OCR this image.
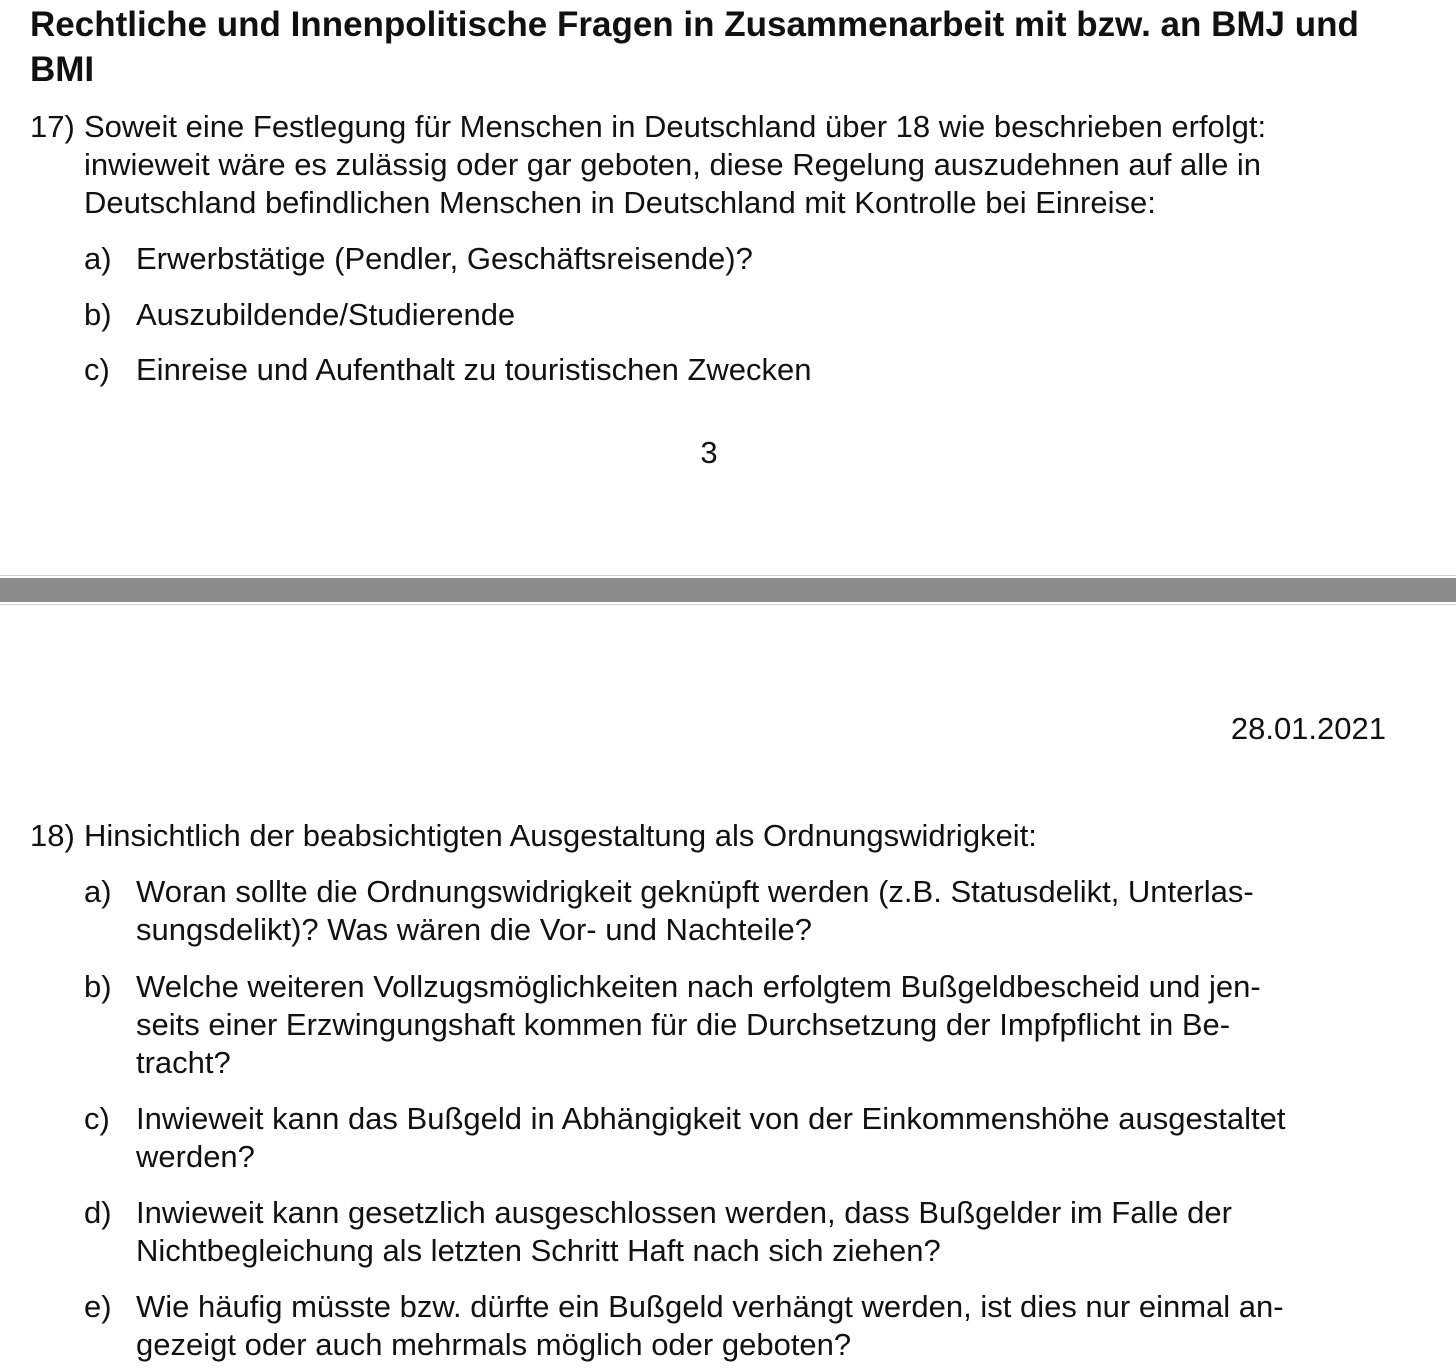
Rechtliche und Innenpolitische Fragen in Zusammenarbeit mit bzw. an BMJ und BMI
17) Soweit eine Festlegung für Menschen in Deutschland über 18 wie beschrieben erfolgt:
inwieweit wäre es zulässig oder gar geboten, diese Regelung auszudehnen auf alle in
Deutschland befindlichen Menschen in Deutschland mit Kontrolle bei Einreise:
a) Erwerbstätige (Pendler, Geschäftsreisende)?
b) Auszubildende/Studierende
c) Einreise und Aufenthalt zu touristischen Zwecken
3
28.01.2021
18) Hinsichtlich der beabsichtigten Ausgestaltung als Ordnungswidrigkeit:
a) Woran sollte die Ordnungswidrigkeit geknüpft werden (z.B. Statusdelikt, Unterlas-
sungsdelikt)? Was wären die Vor- und Nachteile?
b) Welche weiteren Vollzugsmöglichkeiten nach erfolgtem Bußgeldbescheid und jen-
seits einer Erzwingungshaft kommen für die Durchsetzung der Impfpflicht in Be-
tracht?
c) Inwieweit kann das Bußgeld in Abhängigkeit von der Einkommenshöhe ausgestaltet
werden?
d) Inwieweit kann gesetzlich ausgeschlossen werden, dass Bußgelder im Falle der
Nichtbegleichung als letzten Schritt Haft nach sich ziehen?
e) Wie häufig müsste bzw. dürfte ein Bußgeld verhängt werden, ist dies nur einmal an-
gezeigt oder auch mehrmals möglich oder geboten?
